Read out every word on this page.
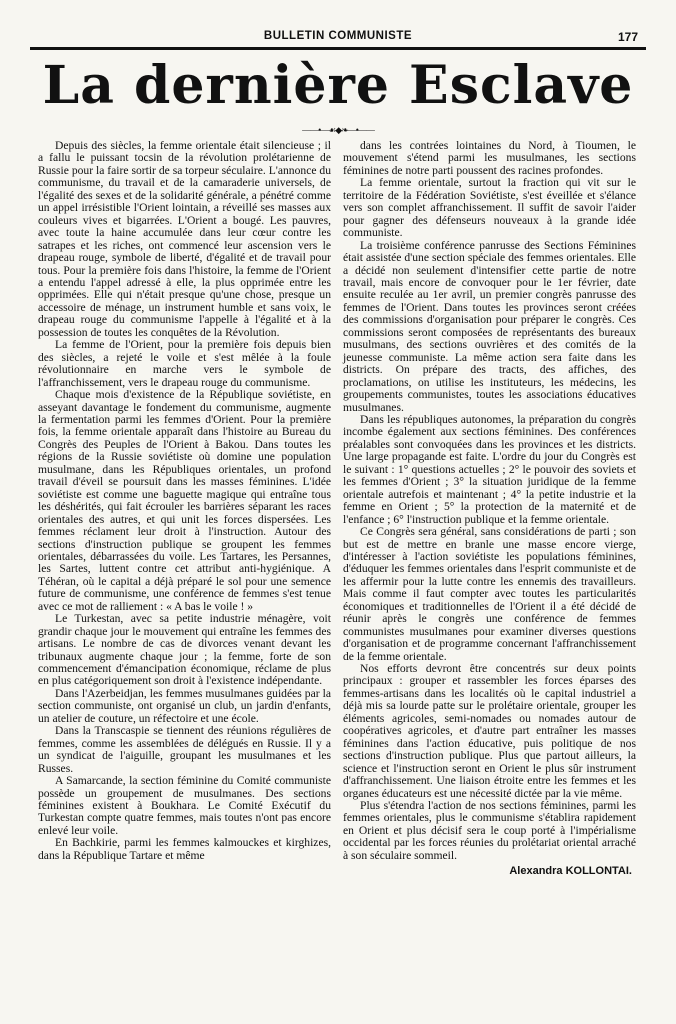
BULLETIN COMMUNISTE	177
La dernière Esclave
——•—☙◆❧—•——

Depuis des siècles, la femme orientale était silencieuse ; il a fallu le puissant tocsin de la révolution prolétarienne de Russie pour la faire sortir de sa torpeur séculaire. L'annonce du communisme, du travail et de la camaraderie universels, de l'égalité des sexes et de la solidarité générale, a pénétré comme un appel irrésistible l'Orient lointain, a réveillé ses masses aux couleurs vives et bigarrées. L'Orient a bougé. Les pauvres, avec toute la haine accumulée dans leur cœur contre les satrapes et les riches, ont commencé leur ascension vers le drapeau rouge, symbole de liberté, d'égalité et de travail pour tous. Pour la première fois dans l'histoire, la femme de l'Orient a entendu l'appel adressé à elle, la plus opprimée entre les opprimées. Elle qui n'était presque qu'une chose, presque un accessoire de ménage, un instrument humble et sans voix, le drapeau rouge du communisme l'appelle à l'égalité et à la possession de toutes les conquêtes de la Révolution.

La femme de l'Orient, pour la première fois depuis bien des siècles, a rejeté le voile et s'est mêlée à la foule révolutionnaire en marche vers le symbole de l'affranchissement, vers le drapeau rouge du communisme.

Chaque mois d'existence de la République soviétiste, en asseyant davantage le fondement du communisme, augmente la fermentation parmi les femmes d'Orient. Pour la première fois, la femme orientale apparaît dans l'histoire au Bureau du Congrès des Peuples de l'Orient à Bakou. Dans toutes les régions de la Russie soviétiste où domine une population musulmane, dans les Républiques orientales, un profond travail d'éveil se poursuit dans les masses féminines. L'idée soviétiste est comme une baguette magique qui entraîne tous les déshérités, qui fait écrouler les barrières séparant les races orientales des autres, et qui unit les forces dispersées. Les femmes réclament leur droit à l'instruction. Autour des sections d'instruction publique se groupent les femmes orientales, débarrassées du voile. Les Tartares, les Persannes, les Sartes, luttent contre cet attribut anti-hygiénique. A Téhéran, où le capital a déjà préparé le sol pour une semence future de communisme, une conférence de femmes s'est tenue avec ce mot de ralliement : « A bas le voile ! »

Le Turkestan, avec sa petite industrie ménagère, voit grandir chaque jour le mouvement qui entraîne les femmes des artisans. Le nombre de cas de divorces venant devant les tribunaux augmente chaque jour ; la femme, forte de son commencement d'émancipation économique, réclame de plus en plus catégoriquement son droit à l'existence indépendante.

Dans l'Azerbeidjan, les femmes musulmanes guidées par la section communiste, ont organisé un club, un jardin d'enfants, un atelier de couture, un réfectoire et une école.

Dans la Transcaspie se tiennent des réunions régulières de femmes, comme les assemblées de délégués en Russie. Il y a un syndicat de l'aiguille, groupant les musulmanes et les Russes.

A Samarcande, la section féminine du Comité communiste possède un groupement de musulmanes. Des sections féminines existent à Boukhara. Le Comité Exécutif du Turkestan compte quatre femmes, mais toutes n'ont pas encore enlevé leur voile.

En Bachkirie, parmi les femmes kalmouckes et kirghizes, dans la République Tartare et même

dans les contrées lointaines du Nord, à Tioumen, le mouvement s'étend parmi les musulmanes, les sections féminines de notre parti poussent des racines profondes.

La femme orientale, surtout la fraction qui vit sur le territoire de la Fédération Soviétiste, s'est éveillée et s'élance vers son complet affranchissement. Il suffit de savoir l'aider pour gagner des défenseurs nouveaux à la grande idée communiste.

La troisième conférence panrusse des Sections Féminines était assistée d'une section spéciale des femmes orientales. Elle a décidé non seulement d'intensifier cette partie de notre travail, mais encore de convoquer pour le 1er février, date ensuite reculée au 1er avril, un premier congrès panrusse des femmes de l'Orient. Dans toutes les provinces seront créées des commissions d'organisation pour préparer le congrès. Ces commissions seront composées de représentants des bureaux musulmans, des sections ouvrières et des comités de la jeunesse communiste. La même action sera faite dans les districts. On prépare des tracts, des affiches, des proclamations, on utilise les instituteurs, les médecins, les groupements communistes, toutes les associations éducatives musulmanes.

Dans les républiques autonomes, la préparation du congrès incombe également aux sections féminines. Des conférences préalables sont convoquées dans les provinces et les districts. Une large propagande est faite. L'ordre du jour du Congrès est le suivant : 1° questions actuelles ; 2° le pouvoir des soviets et les femmes d'Orient ; 3° la situation juridique de la femme orientale autrefois et maintenant ; 4° la petite industrie et la femme en Orient ; 5° la protection de la maternité et de l'enfance ; 6° l'instruction publique et la femme orientale.

Ce Congrès sera général, sans considérations de parti ; son but est de mettre en branle une masse encore vierge, d'intéresser à l'action soviétiste les populations féminines, d'éduquer les femmes orientales dans l'esprit communiste et de les affermir pour la lutte contre les ennemis des travailleurs. Mais comme il faut compter avec toutes les particularités économiques et traditionnelles de l'Orient il a été décidé de réunir après le congrès une conférence de femmes communistes musulmanes pour examiner diverses questions d'organisation et de programme concernant l'affranchissement de la femme orientale.

Nos efforts devront être concentrés sur deux points principaux : grouper et rassembler les forces éparses des femmes-artisans dans les localités où le capital industriel a déjà mis sa lourde patte sur le prolétaire orientale, grouper les éléments agricoles, semi-nomades ou nomades autour de coopératives agricoles, et d'autre part entraîner les masses féminines dans l'action éducative, puis politique de nos sections d'instruction publique. Plus que partout ailleurs, la science et l'instruction seront en Orient le plus sûr instrument d'affranchissement. Une liaison étroite entre les femmes et les organes éducateurs est une nécessité dictée par la vie même.

Plus s'étendra l'action de nos sections féminines, parmi les femmes orientales, plus le communisme s'établira rapidement en Orient et plus décisif sera le coup porté à l'impérialisme occidental par les forces réunies du prolétariat oriental arraché à son séculaire sommeil.

Alexandra KOLLONTAI.
